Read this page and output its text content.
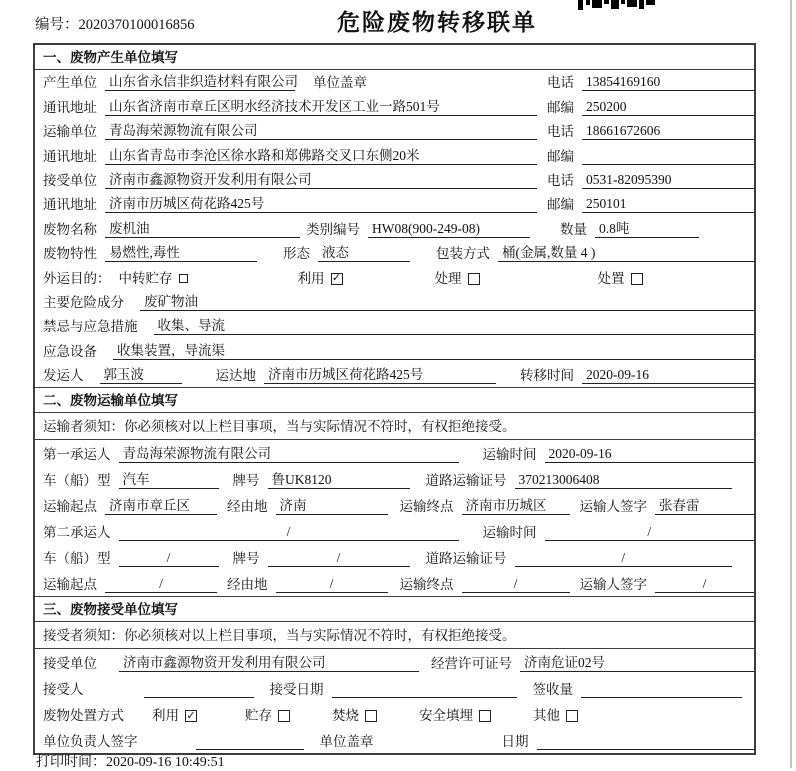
编号：2020370100016856	危险废物转移联单
一、废物产生单位填写
产生单位 山东省永信非织造材料有限公司 单位盖章	电话 13854169160
通讯地址 山东省济南市章丘区明水经济技术开发区工业一路501号	邮编 250200
运输单位 青岛海荣源物流有限公司	电话 18661672606
通讯地址 山东省青岛市李沧区徐水路和郑佛路交叉口东侧20米	邮编
接受单位 济南市鑫源物资开发利用有限公司	电话 0531-82095390
通讯地址 济南市历城区荷花路425号	邮编 250101
废物名称 废机油	类别编号 HW08(900-249-08)	数量 0.8吨
废物特性 易燃性,毒性	形态 液态	包装方式 桶(金属,数量 4 )
外运目的： 中转贮存	利用 ✓	处理	处置
主要危险成分 废矿物油
禁忌与应急措施 收集、导流
应急设备 收集装置，导流渠
发运人 郭玉波	运达地 济南市历城区荷花路425号	转移时间 2020-09-16
二、废物运输单位填写
运输者须知：你必须核对以上栏目事项，当与实际情况不符时，有权拒绝接受。
第一承运人 青岛海荣源物流有限公司	运输时间 2020-09-16
车（船）型 汽车	牌号 鲁UK8120	道路运输证号 370213006408
运输起点 济南市章丘区	经由地 济南	运输终点 济南市历城区	运输人签字 张春雷
第二承运人	/	运输时间	/
车（船）型	/	牌号	/	道路运输证号	/
运输起点	/	经由地	/	运输终点	/	运输人签字	/
三、废物接受单位填写
接受者须知：你必须核对以上栏目事项，当与实际情况不符时，有权拒绝接受。
接受单位 济南市鑫源物资开发利用有限公司	经营许可证号 济南危证02号
接受人	接受日期	签收量
废物处置方式 利用 ✓	贮存	焚烧	安全填埋	其他
单位负责人签字	单位盖章	日期
打印时间：2020-09-16 10:49:51
